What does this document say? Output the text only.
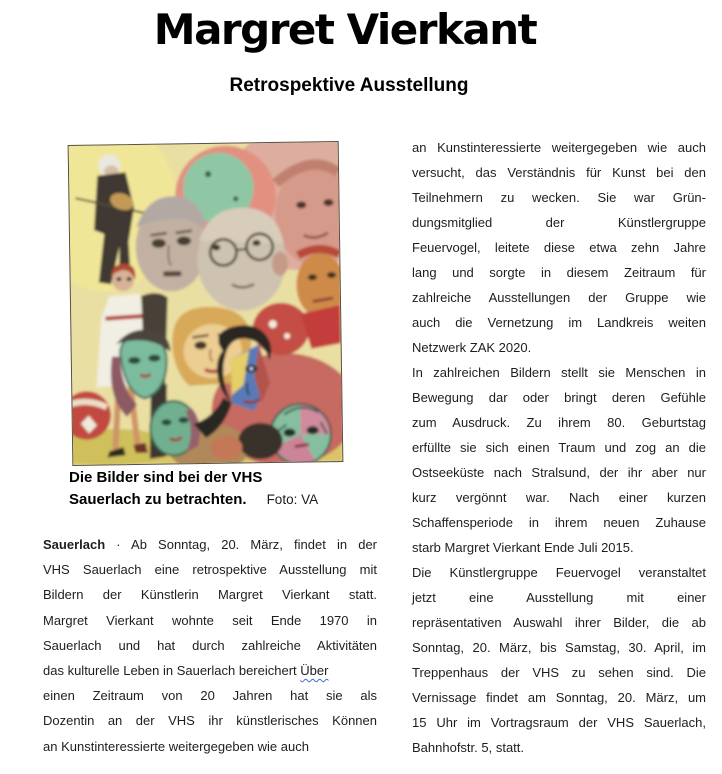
Margret Vierkant
Retrospektive Ausstellung
Die Bilder sind bei der VHS
Sauerlach zu betrachten. Foto: VA
Sauerlach · Ab Sonntag, 20. März, findet in der
VHS Sauerlach eine retrospektive Ausstellung mit
Bildern der Künstlerin Margret Vierkant statt.
Margret Vierkant wohnte seit Ende 1970 in
Sauerlach und hat durch zahlreiche Aktivitäten
das kulturelle Leben in Sauerlach bereichert Über
einen Zeitraum von 20 Jahren hat sie als
Dozentin an der VHS ihr künstlerisches Können
an Kunstinteressierte weitergegeben wie auch
an Kunstinteressierte weitergegeben wie auch
versucht, das Verständnis für Kunst bei den
Teilnehmern zu wecken. Sie war Grün-
dungsmitglied der Künstlergruppe
Feuervogel, leitete diese etwa zehn Jahre
lang und sorgte in diesem Zeitraum für
zahlreiche Ausstellungen der Gruppe wie
auch die Vernetzung im Landkreis weiten
Netzwerk ZAK 2020.
In zahlreichen Bildern stellt sie Menschen in
Bewegung dar oder bringt deren Gefühle
zum Ausdruck. Zu ihrem 80. Geburtstag
erfüllte sie sich einen Traum und zog an die
Ostseeküste nach Stralsund, der ihr aber nur
kurz vergönnt war. Nach einer kurzen
Schaffensperiode in ihrem neuen Zuhause
starb Margret Vierkant Ende Juli 2015.
Die Künstlergruppe Feuervogel veranstaltet
jetzt eine Ausstellung mit einer
repräsentativen Auswahl ihrer Bilder, die ab
Sonntag, 20. März, bis Samstag, 30. April, im
Treppenhaus der VHS zu sehen sind. Die
Vernissage findet am Sonntag, 20. März, um
15 Uhr im Vortragsraum der VHS Sauerlach,
Bahnhofstr. 5, statt.
